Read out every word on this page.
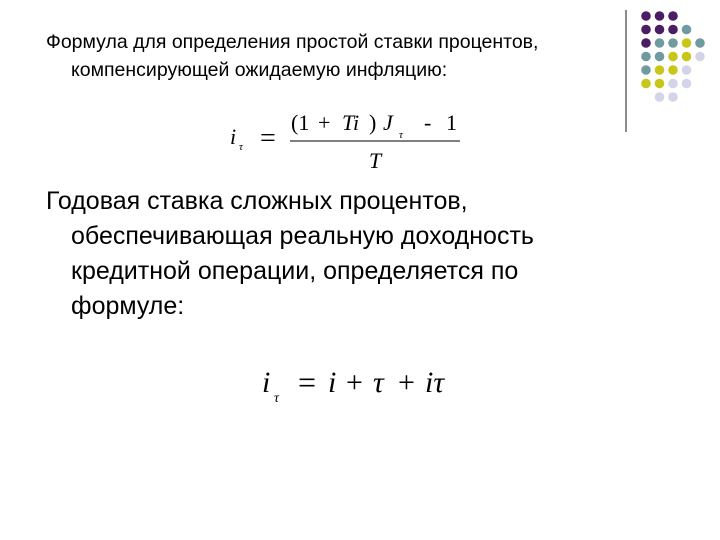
Формула для определения простой ставки процентов,
компенсирующей ожидаемую инфляцию:

i τ =
(1 + Ti ) J τ - 1
T

Годовая ставка сложных процентов,
обеспечивающая реальную доходность
кредитной операции, определяется по
формуле:

i τ = i + τ + iτ
